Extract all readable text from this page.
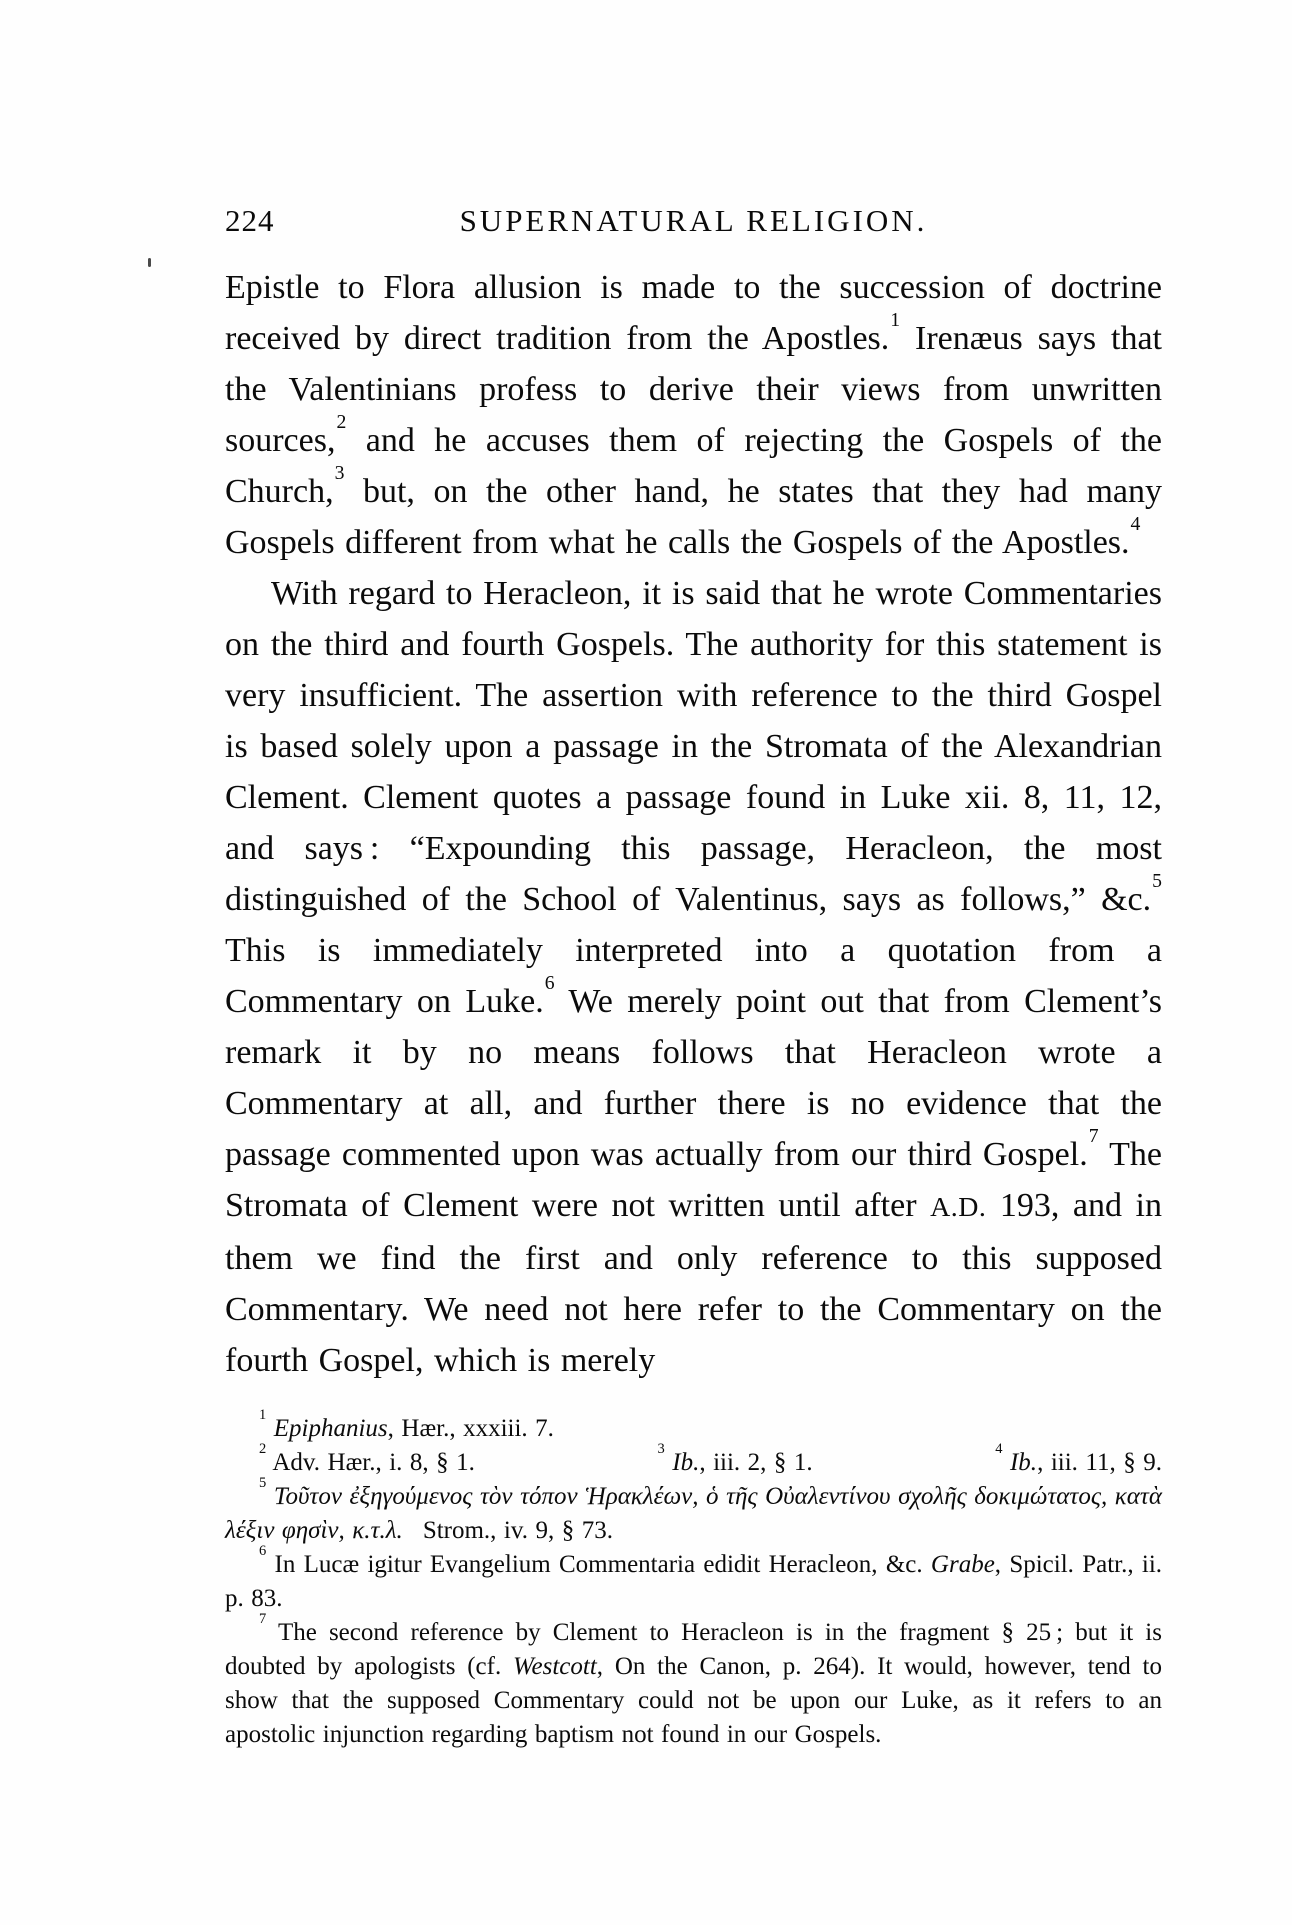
224	SUPERNATURAL RELIGION.

Epistle to Flora allusion is made to the succession of doctrine received by direct tradition from the Apostles.$^1$ Irenæus says that the Valentinians profess to derive their views from unwritten sources,$^2$ and he accuses them of rejecting the Gospels of the Church,$^3$ but, on the other hand, he states that they had many Gospels different from what he calls the Gospels of the Apostles.$^4$

With regard to Heracleon, it is said that he wrote Commentaries on the third and fourth Gospels. The authority for this statement is very insufficient. The assertion with reference to the third Gospel is based solely upon a passage in the Stromata of the Alexandrian Clement. Clement quotes a passage found in Luke xii. 8, 11, 12, and says : “Expounding this passage, Heracleon, the most distinguished of the School of Valentinus, says as follows,” &c.$^5$ This is immediately interpreted into a quotation from a Commentary on Luke.$^6$ We merely point out that from Clement’s remark it by no means follows that Heracleon wrote a Commentary at all, and further there is no evidence that the passage commented upon was actually from our third Gospel.$^7$ The Stromata of Clement were not written until after A.D. 193, and in them we find the first and only reference to this supposed Commentary. We need not here refer to the Commentary on the fourth Gospel, which is merely

$^1$ Epiphanius, Hær., xxxiii. 7.
$^2$ Adv. Hær., i. 8, § 1.	$^3$ Ib., iii. 2, § 1.	$^4$ Ib., iii. 11, § 9.
$^5$ Τοῦτον ἐξηγούμενος τὸν τόπον Ἡρακλέων, ὁ τῆς Οὐαλεντίνου σχολῆς δοκιμώτατος, κατὰ λέξιν φησὶν, κ.τ.λ.  Strom., iv. 9, § 73.
$^6$ In Lucæ igitur Evangelium Commentaria edidit Heracleon, &c. Grabe, Spicil. Patr., ii. p. 83.
$^7$ The second reference by Clement to Heracleon is in the fragment § 25 ; but it is doubted by apologists (cf. Westcott, On the Canon, p. 264). It would, however, tend to show that the supposed Commentary could not be upon our Luke, as it refers to an apostolic injunction regarding baptism not found in our Gospels.
